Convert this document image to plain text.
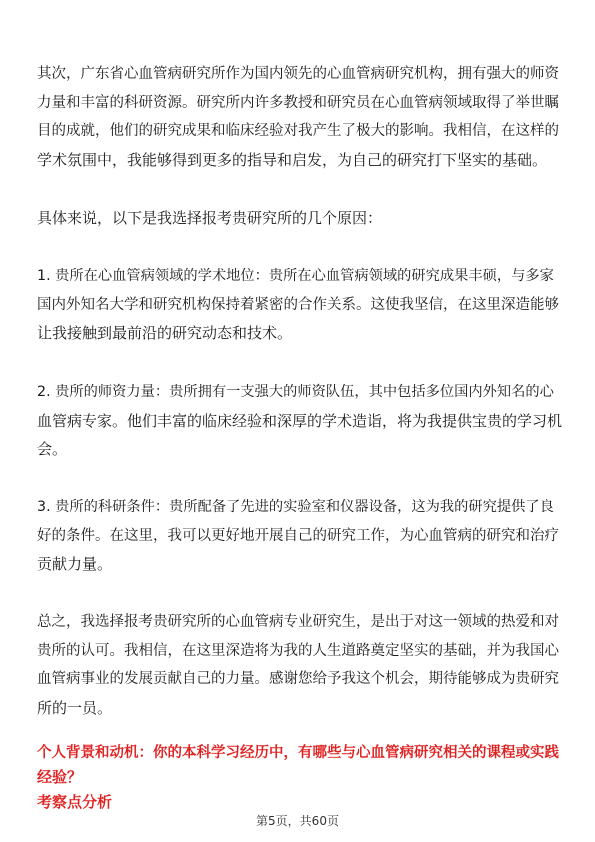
其次，广东省心血管病研究所作为国内领先的心血管病研究机构，拥有强大的师资
力量和丰富的科研资源。研究所内许多教授和研究员在心血管病领域取得了举世瞩
目的成就，他们的研究成果和临床经验对我产生了极大的影响。我相信，在这样的
学术氛围中，我能够得到更多的指导和启发，为自己的研究打下坚实的基础。
具体来说，以下是我选择报考贵研究所的几个原因：
1. 贵所在心血管病领域的学术地位：贵所在心血管病领域的研究成果丰硕，与多家
国内外知名大学和研究机构保持着紧密的合作关系。这使我坚信，在这里深造能够
让我接触到最前沿的研究动态和技术。
2. 贵所的师资力量：贵所拥有一支强大的师资队伍，其中包括多位国内外知名的心
血管病专家。他们丰富的临床经验和深厚的学术造诣，将为我提供宝贵的学习机
会。
3. 贵所的科研条件：贵所配备了先进的实验室和仪器设备，这为我的研究提供了良
好的条件。在这里，我可以更好地开展自己的研究工作，为心血管病的研究和治疗
贡献力量。
总之，我选择报考贵研究所的心血管病专业研究生，是出于对这一领域的热爱和对
贵所的认可。我相信，在这里深造将为我的人生道路奠定坚实的基础，并为我国心
血管病事业的发展贡献自己的力量。感谢您给予我这个机会，期待能够成为贵研究
所的一员。
个人背景和动机：你的本科学习经历中，有哪些与心血管病研究相关的课程或实践
经验？
考察点分析
第5页，共60页
